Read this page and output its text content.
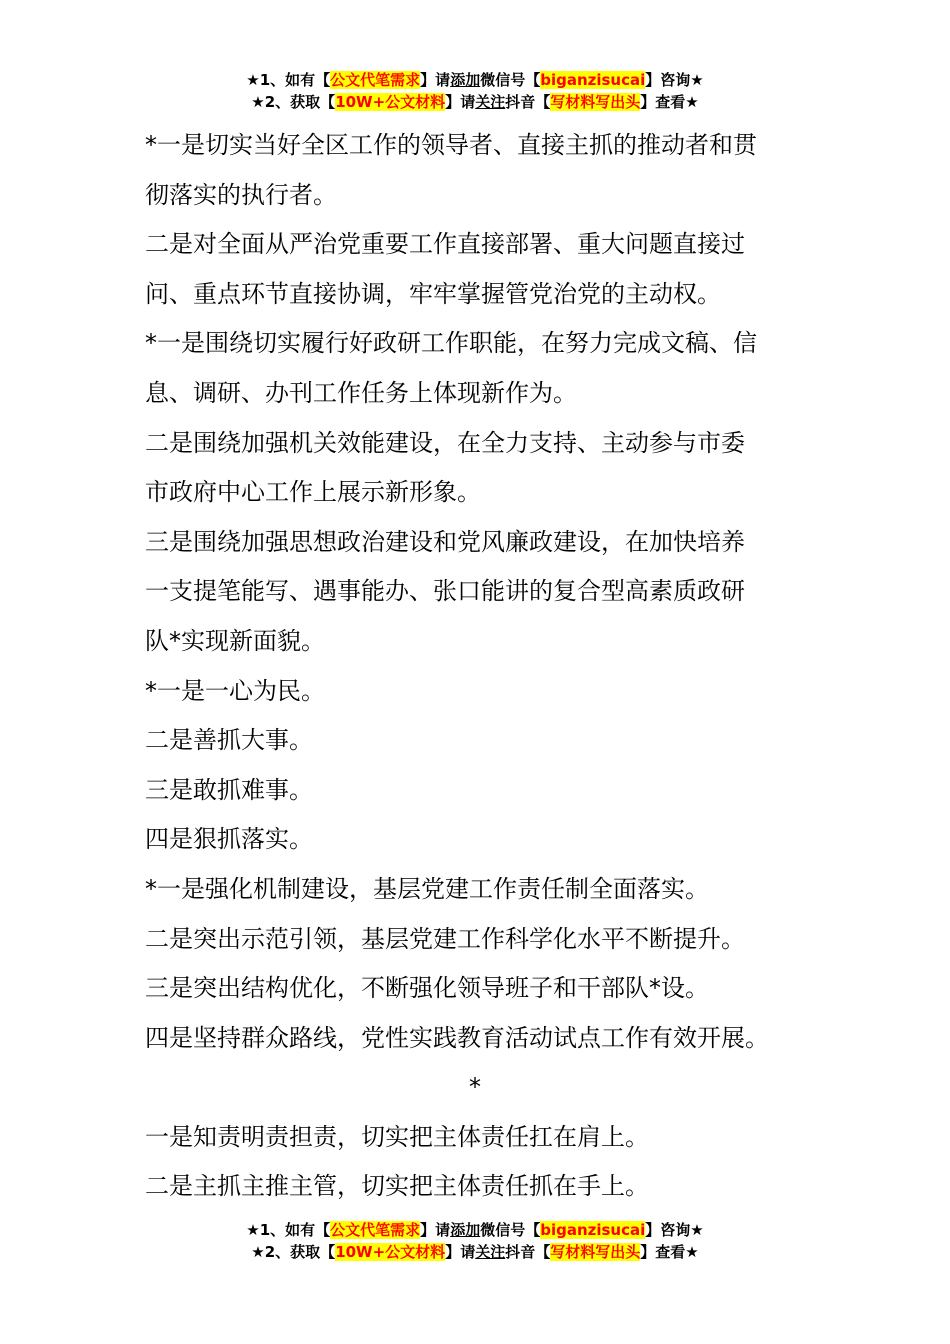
★1、如有【公文代笔需求】请添加微信号【biganzisucai】咨询★
★2、获取【10W+公文材料】请关注抖音【写材料写出头】查看★

*一是切实当好全区工作的领导者、直接主抓的推动者和贯

彻落实的执行者。

二是对全面从严治党重要工作直接部署、重大问题直接过

问、重点环节直接协调，牢牢掌握管党治党的主动权。

*一是围绕切实履行好政研工作职能，在努力完成文稿、信

息、调研、办刊工作任务上体现新作为。

二是围绕加强机关效能建设，在全力支持、主动参与市委

市政府中心工作上展示新形象。

三是围绕加强思想政治建设和党风廉政建设，在加快培养

一支提笔能写、遇事能办、张口能讲的复合型高素质政研

队*实现新面貌。

*一是一心为民。

二是善抓大事。

三是敢抓难事。

四是狠抓落实。

*一是强化机制建设，基层党建工作责任制全面落实。

二是突出示范引领，基层党建工作科学化水平不断提升。

三是突出结构优化，不断强化领导班子和干部队*设。

四是坚持群众路线，党性实践教育活动试点工作有效开展。

*

一是知责明责担责，切实把主体责任扛在肩上。

二是主抓主推主管，切实把主体责任抓在手上。

★1、如有【公文代笔需求】请添加微信号【biganzisucai】咨询★
★2、获取【10W+公文材料】请关注抖音【写材料写出头】查看★
